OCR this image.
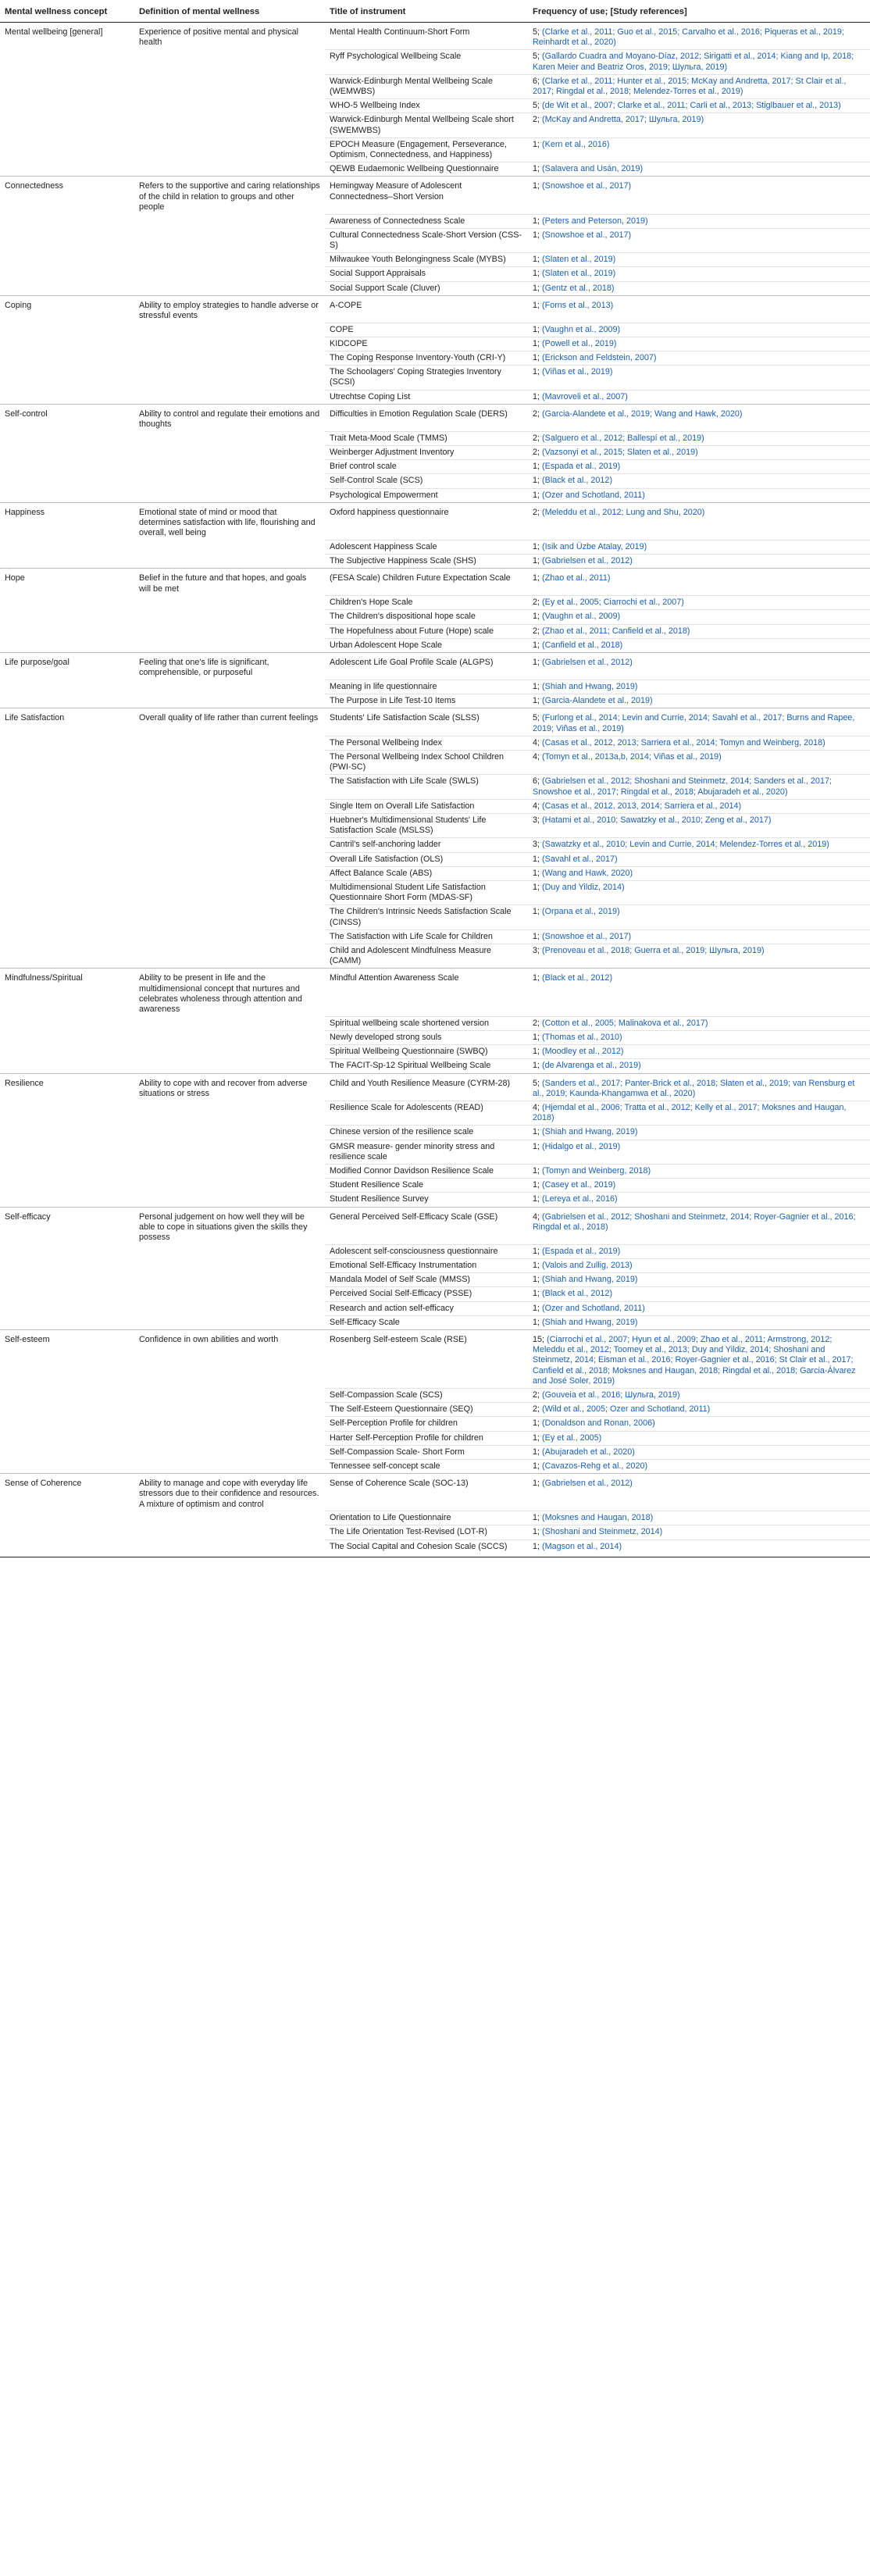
Mental wellness concept	Definition of mental wellness	Title of instrument	Frequency of use; [Study references]
Mental wellbeing [general]	Experience of positive mental and physical health	Mental Health Continuum-Short Form	5; (Clarke et al., 2011; Guo et al., 2015; Carvalho et al., 2016; Piqueras et al., 2019; Reinhardt et al., 2020)
		Ryff Psychological Wellbeing Scale	5; (Gallardo Cuadra and Moyano-Díaz, 2012; Sirigatti et al., 2014; Kiang and Ip, 2018; Karen Meier and Beatriz Oros, 2019; Шульга, 2019)
		Warwick-Edinburgh Mental Wellbeing Scale (WEMWBS)	6; (Clarke et al., 2011; Hunter et al., 2015; McKay and Andretta, 2017; St Clair et al., 2017; Ringdal et al., 2018; Melendez-Torres et al., 2019)
		WHO-5 Wellbeing Index	5; (de Wit et al., 2007; Clarke et al., 2011; Carli et al., 2013; Stiglbauer et al., 2013)
		Warwick-Edinburgh Mental Wellbeing Scale short (SWEMWBS)	2; (McKay and Andretta, 2017; Шульга, 2019)
		EPOCH Measure (Engagement, Perseverance, Optimism, Connectedness, and Happiness)	1; (Kern et al., 2016)
		QEWB Eudaemonic Wellbeing Questionnaire	1; (Salavera and Usán, 2019)
Connectedness	Refers to the supportive and caring relationships of the child in relation to groups and other people	Hemingway Measure of Adolescent Connectedness–Short Version	1; (Snowshoe et al., 2017)
		Awareness of Connectedness Scale	1; (Peters and Peterson, 2019)
		Cultural Connectedness Scale-Short Version (CSS-S)	1; (Snowshoe et al., 2017)
		Milwaukee Youth Belongingness Scale (MYBS)	1; (Slaten et al., 2019)
		Social Support Appraisals	1; (Slaten et al., 2019)
		Social Support Scale (Cluver)	1; (Gentz et al., 2018)
Coping	Ability to employ strategies to handle adverse or stressful events	A-COPE	1; (Forns et al., 2013)
		COPE	1; (Vaughn et al., 2009)
		KIDCOPE	1; (Powell et al., 2019)
		The Coping Response Inventory-Youth (CRI-Y)	1; (Erickson and Feldstein, 2007)
		The Schoolagers' Coping Strategies Inventory (SCSI)	1; (Viñas et al., 2019)
		Utrechtse Coping List	1; (Mavroveli et al., 2007)
Self-control	Ability to control and regulate their emotions and thoughts	Difficulties in Emotion Regulation Scale (DERS)	2; (Garcia-Alandete et al., 2019; Wang and Hawk, 2020)
		Trait Meta-Mood Scale (TMMS)	2; (Salguero et al., 2012; Ballespí et al., 2019)
		Weinberger Adjustment Inventory	2; (Vazsonyi et al., 2015; Slaten et al., 2019)
		Brief control scale	1; (Espada et al., 2019)
		Self-Control Scale (SCS)	1; (Black et al., 2012)
		Psychological Empowerment	1; (Ozer and Schotland, 2011)
Happiness	Emotional state of mind or mood that determines satisfaction with life, flourishing and overall, well being	Oxford happiness questionnaire	2; (Meleddu et al., 2012; Lung and Shu, 2020)
		Adolescent Happiness Scale	1; (Isik and Üzbe Atalay, 2019)
		The Subjective Happiness Scale (SHS)	1; (Gabrielsen et al., 2012)
Hope	Belief in the future and that hopes, and goals will be met	(FESA Scale) Children Future Expectation Scale	1; (Zhao et al., 2011)
		Children's Hope Scale	2; (Ey et al., 2005; Ciarrochi et al., 2007)
		The Children's dispositional hope scale	1; (Vaughn et al., 2009)
		The Hopefulness about Future (Hope) scale	2; (Zhao et al., 2011; Canfield et al., 2018)
		Urban Adolescent Hope Scale	1; (Canfield et al., 2018)
Life purpose/goal	Feeling that one's life is significant, comprehensible, or purposeful	Adolescent Life Goal Profile Scale (ALGPS)	1; (Gabrielsen et al., 2012)
		Meaning in life questionnaire	1; (Shiah and Hwang, 2019)
		The Purpose in Life Test-10 Items	1; (Garcia-Alandete et al., 2019)
Life Satisfaction	Overall quality of life rather than current feelings	Students' Life Satisfaction Scale (SLSS)	5; (Furlong et al., 2014; Levin and Currie, 2014; Savahl et al., 2017; Burns and Rapee, 2019; Viñas et al., 2019)
		The Personal Wellbeing Index	4; (Casas et al., 2012, 2013; Sarriera et al., 2014; Tomyn and Weinberg, 2018)
		The Personal Wellbeing Index School Children (PWI-SC)	4; (Tomyn et al., 2013a,b, 2014; Viñas et al., 2019)
		The Satisfaction with Life Scale (SWLS)	6; (Gabrielsen et al., 2012; Shoshani and Steinmetz, 2014; Sanders et al., 2017; Snowshoe et al., 2017; Ringdal et al., 2018; Abujaradeh et al., 2020)
		Single Item on Overall Life Satisfaction	4; (Casas et al., 2012, 2013, 2014; Sarriera et al., 2014)
		Huebner's Multidimensional Students' Life Satisfaction Scale (MSLSS)	3; (Hatami et al., 2010; Sawatzky et al., 2010; Zeng et al., 2017)
		Cantril's self-anchoring ladder	3; (Sawatzky et al., 2010; Levin and Currie, 2014; Melendez-Torres et al., 2019)
		Overall Life Satisfaction (OLS)	1; (Savahl et al., 2017)
		Affect Balance Scale (ABS)	1; (Wang and Hawk, 2020)
		Multidimensional Student Life Satisfaction Questionnaire Short Form (MDAS-SF)	1; (Duy and Yildiz, 2014)
		The Children's Intrinsic Needs Satisfaction Scale (CINSS)	1; (Orpana et al., 2019)
		The Satisfaction with Life Scale for Children	1; (Snowshoe et al., 2017)
		Child and Adolescent Mindfulness Measure (CAMM)	3; (Prenoveau et al., 2018; Guerra et al., 2019; Шульга, 2019)
Mindfulness/Spiritual	Ability to be present in life and the multidimensional concept that nurtures and celebrates wholeness through attention and awareness	Mindful Attention Awareness Scale	1; (Black et al., 2012)
		Spiritual wellbeing scale shortened version	2; (Cotton et al., 2005; Malinakova et al., 2017)
		Newly developed strong souls	1; (Thomas et al., 2010)
		Spiritual Wellbeing Questionnaire (SWBQ)	1; (Moodley et al., 2012)
		The FACIT-Sp-12 Spiritual Wellbeing Scale	1; (de Alvarenga et al., 2019)
Resilience	Ability to cope with and recover from adverse situations or stress	Child and Youth Resilience Measure (CYRM-28)	5; (Sanders et al., 2017; Panter-Brick et al., 2018; Slaten et al., 2019; van Rensburg et al., 2019; Kaunda-Khangamwa et al., 2020)
		Resilience Scale for Adolescents (READ)	4; (Hjemdal et al., 2006; Tratta et al., 2012; Kelly et al., 2017; Moksnes and Haugan, 2018)
		Chinese version of the resilience scale	1; (Shiah and Hwang, 2019)
		GMSR measure- gender minority stress and resilience scale	1; (Hidalgo et al., 2019)
		Modified Connor Davidson Resilience Scale	1; (Tomyn and Weinberg, 2018)
		Student Resilience Scale	1; (Casey et al., 2019)
		Student Resilience Survey	1; (Lereya et al., 2016)
Self-efficacy	Personal judgement on how well they will be able to cope in situations given the skills they possess	General Perceived Self-Efficacy Scale (GSE)	4; (Gabrielsen et al., 2012; Shoshani and Steinmetz, 2014; Royer-Gagnier et al., 2016; Ringdal et al., 2018)
		Adolescent self-consciousness questionnaire	1; (Espada et al., 2019)
		Emotional Self-Efficacy Instrumentation	1; (Valois and Zullig, 2013)
		Mandala Model of Self Scale (MMSS)	1; (Shiah and Hwang, 2019)
		Perceived Social Self-Efficacy (PSSE)	1; (Black et al., 2012)
		Research and action self-efficacy	1; (Ozer and Schotland, 2011)
		Self-Efficacy Scale	1; (Shiah and Hwang, 2019)
Self-esteem	Confidence in own abilities and worth	Rosenberg Self-esteem Scale (RSE)	15; (Ciarrochi et al., 2007; Hyun et al., 2009; Zhao et al., 2011; Armstrong, 2012; Meleddu et al., 2012; Toomey et al., 2013; Duy and Yildiz, 2014; Shoshani and Steinmetz, 2014; Eisman et al., 2016; Royer-Gagnier et al., 2016; St Clair et al., 2017; Canfield et al., 2018; Moksnes and Haugan, 2018; Ringdal et al., 2018; Garcia-Álvarez and José Soler, 2019)
		Self-Compassion Scale (SCS)	2; (Gouveia et al., 2016; Шульга, 2019)
		The Self-Esteem Questionnaire (SEQ)	2; (Wild et al., 2005; Ozer and Schotland, 2011)
		Self-Perception Profile for children	1; (Donaldson and Ronan, 2006)
		Harter Self-Perception Profile for children	1; (Ey et al., 2005)
		Self-Compassion Scale- Short Form	1; (Abujaradeh et al., 2020)
		Tennessee self-concept scale	1; (Cavazos-Rehg et al., 2020)
Sense of Coherence	Ability to manage and cope with everyday life stressors due to their confidence and resources. A mixture of optimism and control	Sense of Coherence Scale (SOC-13)	1; (Gabrielsen et al., 2012)
		Orientation to Life Questionnaire	1; (Moksnes and Haugan, 2018)
		The Life Orientation Test-Revised (LOT-R)	1; (Shoshani and Steinmetz, 2014)
		The Social Capital and Cohesion Scale (SCCS)	1; (Magson et al., 2014)
